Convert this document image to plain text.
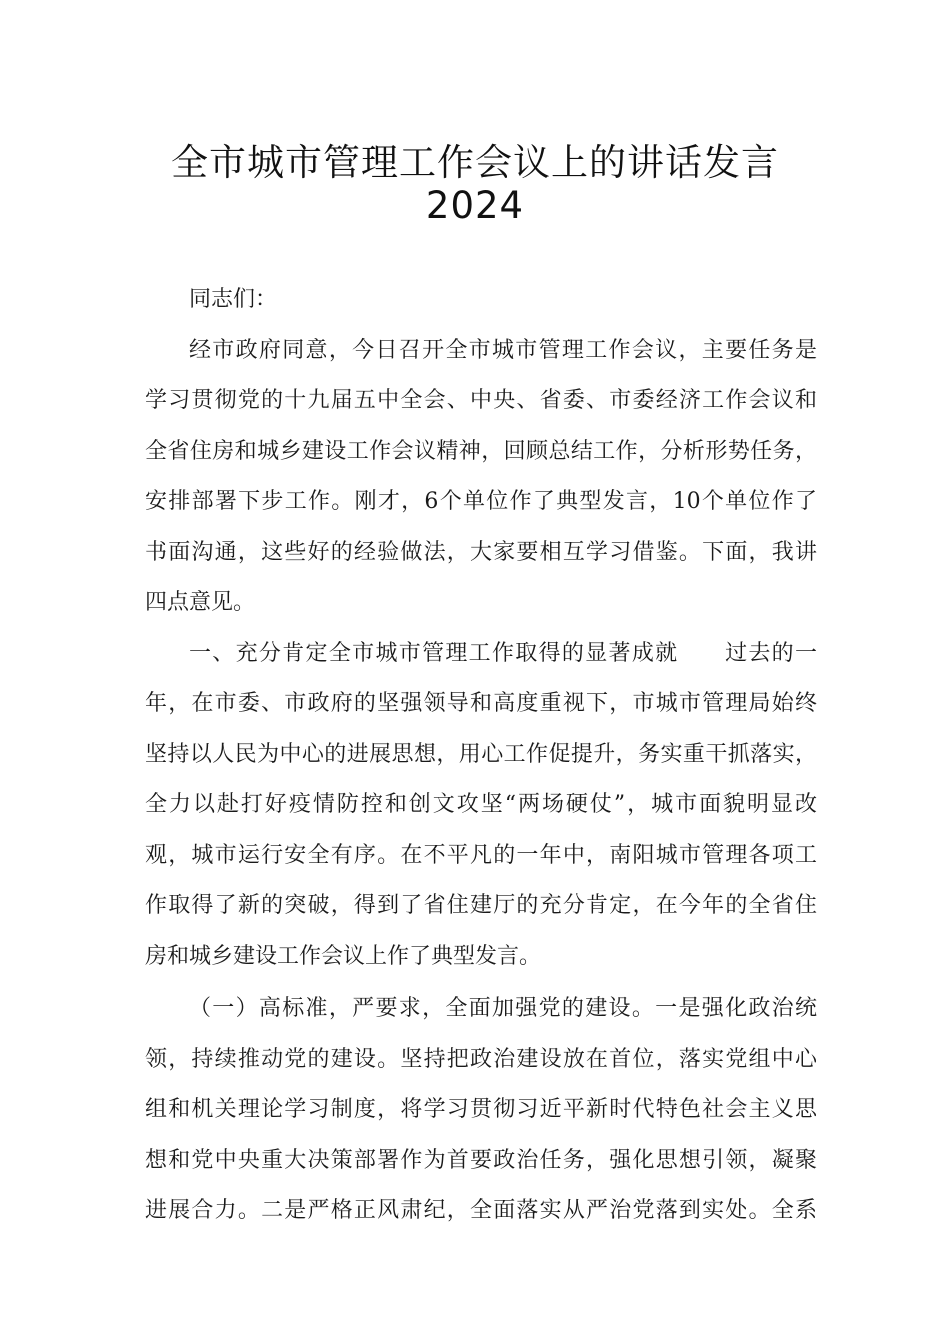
全市城市管理工作会议上的讲话发言
2024
同志们：
经市政府同意，今日召开全市城市管理工作会议，主要任务是
学习贯彻党的十九届五中全会、中央、省委、市委经济工作会议和
全省住房和城乡建设工作会议精神，回顾总结工作，分析形势任务，
安排部署下步工作。刚才，6个单位作了典型发言，10个单位作了
书面沟通，这些好的经验做法，大家要相互学习借鉴。下面，我讲
四点意见。
一、充分肯定全市城市管理工作取得的显著成就　　过去的一
年，在市委、市政府的坚强领导和高度重视下，市城市管理局始终
坚持以人民为中心的进展思想，用心工作促提升，务实重干抓落实，
全力以赴打好疫情防控和创文攻坚“两场硬仗”，城市面貌明显改
观，城市运行安全有序。在不平凡的一年中，南阳城市管理各项工
作取得了新的突破，得到了省住建厅的充分肯定，在今年的全省住
房和城乡建设工作会议上作了典型发言。
（一）高标准，严要求，全面加强党的建设。一是强化政治统
领，持续推动党的建设。坚持把政治建设放在首位，落实党组中心
组和机关理论学习制度，将学习贯彻习近平新时代特色社会主义思
想和党中央重大决策部署作为首要政治任务，强化思想引领，凝聚
进展合力。二是严格正风肃纪，全面落实从严治党落到实处。全系
